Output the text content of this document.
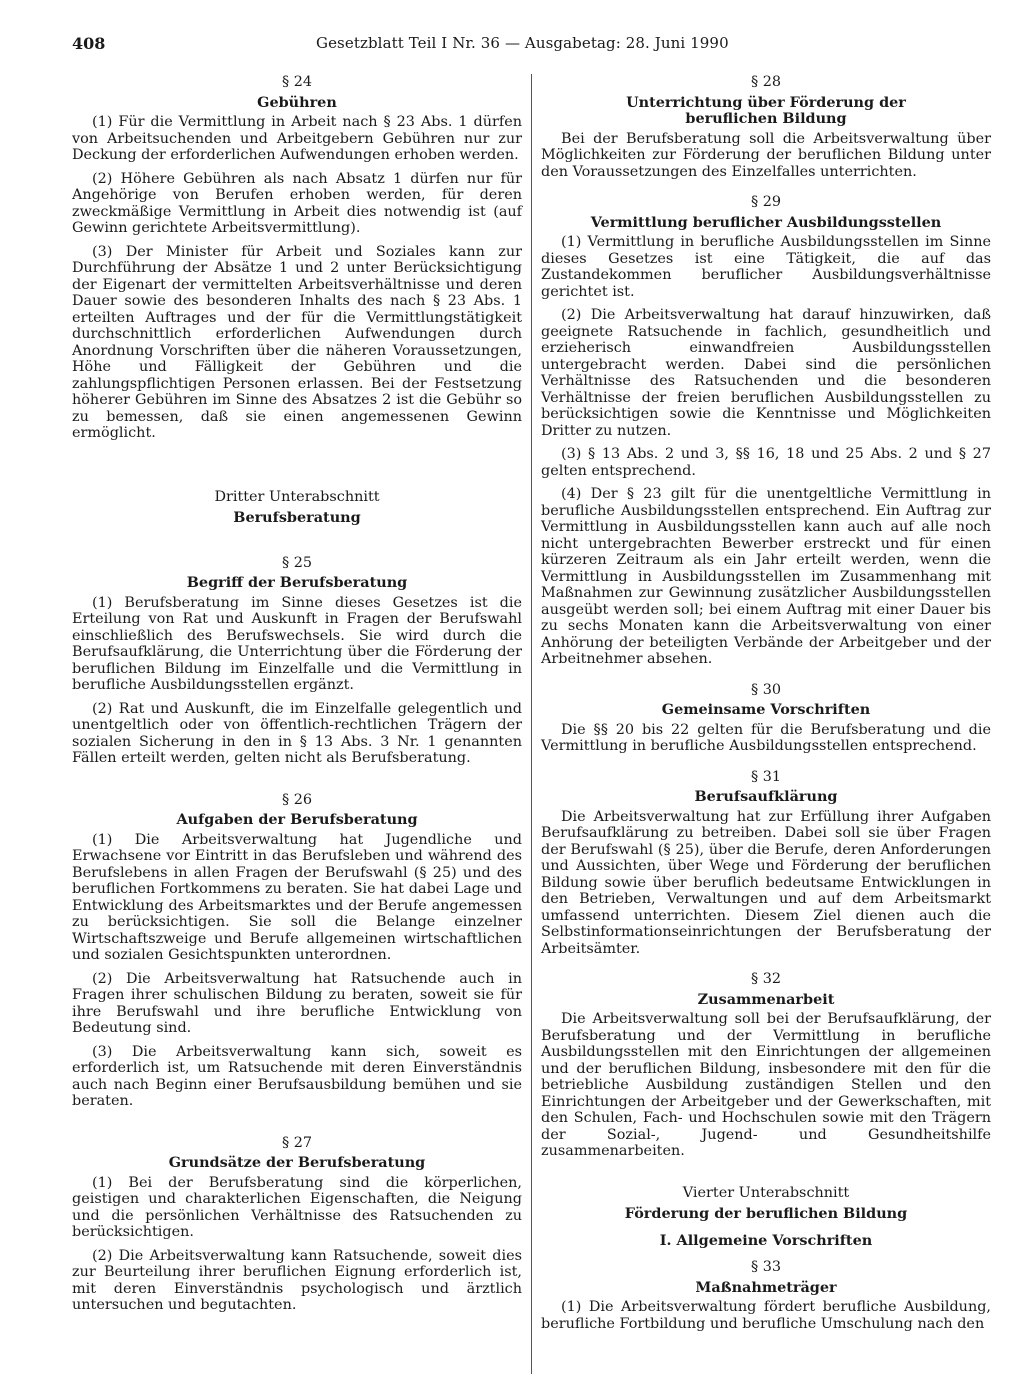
408	Gesetzblatt Teil I Nr. 36 — Ausgabetag: 28. Juni 1990

§ 24

Gebühren

(1) Für die Vermittlung in Arbeit nach § 23 Abs. 1 dürfen von Arbeitsuchenden und Arbeitgebern Gebühren nur zur Deckung der erforderlichen Aufwendungen erhoben werden.

(2) Höhere Gebühren als nach Absatz 1 dürfen nur für Angehörige von Berufen erhoben werden, für deren zweckmäßige Vermittlung in Arbeit dies notwendig ist (auf Gewinn gerichtete Arbeitsvermittlung).

(3) Der Minister für Arbeit und Soziales kann zur Durchführung der Absätze 1 und 2 unter Berücksichtigung der Eigenart der vermittelten Arbeitsverhältnisse und deren Dauer sowie des besonderen Inhalts des nach § 23 Abs. 1 erteilten Auftrages und der für die Vermittlungstätigkeit durchschnittlich erforderlichen Aufwendungen durch Anordnung Vorschriften über die näheren Voraussetzungen, Höhe und Fälligkeit der Gebühren und die zahlungspflichtigen Personen erlassen. Bei der Festsetzung höherer Gebühren im Sinne des Absatzes 2 ist die Gebühr so zu bemessen, daß sie einen angemessenen Gewinn ermöglicht.

Dritter Unterabschnitt

Berufsberatung

§ 25

Begriff der Berufsberatung

(1) Berufsberatung im Sinne dieses Gesetzes ist die Erteilung von Rat und Auskunft in Fragen der Berufswahl einschließlich des Berufswechsels. Sie wird durch die Berufsaufklärung, die Unterrichtung über die Förderung der beruflichen Bildung im Einzelfalle und die Vermittlung in berufliche Ausbildungsstellen ergänzt.

(2) Rat und Auskunft, die im Einzelfalle gelegentlich und unentgeltlich oder von öffentlich-rechtlichen Trägern der sozialen Sicherung in den in § 13 Abs. 3 Nr. 1 genannten Fällen erteilt werden, gelten nicht als Berufsberatung.

§ 26

Aufgaben der Berufsberatung

(1) Die Arbeitsverwaltung hat Jugendliche und Erwachsene vor Eintritt in das Berufsleben und während des Berufslebens in allen Fragen der Berufswahl (§ 25) und des beruflichen Fortkommens zu beraten. Sie hat dabei Lage und Entwicklung des Arbeitsmarktes und der Berufe angemessen zu berücksichtigen. Sie soll die Belange einzelner Wirtschaftszweige und Berufe allgemeinen wirtschaftlichen und sozialen Gesichtspunkten unterordnen.

(2) Die Arbeitsverwaltung hat Ratsuchende auch in Fragen ihrer schulischen Bildung zu beraten, soweit sie für ihre Berufswahl und ihre berufliche Entwicklung von Bedeutung sind.

(3) Die Arbeitsverwaltung kann sich, soweit es erforderlich ist, um Ratsuchende mit deren Einverständnis auch nach Beginn einer Berufsausbildung bemühen und sie beraten.

§ 27

Grundsätze der Berufsberatung

(1) Bei der Berufsberatung sind die körperlichen, geistigen und charakterlichen Eigenschaften, die Neigung und die persönlichen Verhältnisse des Ratsuchenden zu berücksichtigen.

(2) Die Arbeitsverwaltung kann Ratsuchende, soweit dies zur Beurteilung ihrer beruflichen Eignung erforderlich ist, mit deren Einverständnis psychologisch und ärztlich untersuchen und begutachten.

§ 28

Unterrichtung über Förderung der

beruflichen Bildung

Bei der Berufsberatung soll die Arbeitsverwaltung über Möglichkeiten zur Förderung der beruflichen Bildung unter den Voraussetzungen des Einzelfalles unterrichten.

§ 29

Vermittlung beruflicher Ausbildungsstellen

(1) Vermittlung in berufliche Ausbildungsstellen im Sinne dieses Gesetzes ist eine Tätigkeit, die auf das Zustandekommen beruflicher Ausbildungsverhältnisse gerichtet ist.

(2) Die Arbeitsverwaltung hat darauf hinzuwirken, daß geeignete Ratsuchende in fachlich, gesundheitlich und erzieherisch einwandfreien Ausbildungsstellen untergebracht werden. Dabei sind die persönlichen Verhältnisse des Ratsuchenden und die besonderen Verhältnisse der freien beruflichen Ausbildungsstellen zu berücksichtigen sowie die Kenntnisse und Möglichkeiten Dritter zu nutzen.

(3) § 13 Abs. 2 und 3, §§ 16, 18 und 25 Abs. 2 und § 27 gelten entsprechend.

(4) Der § 23 gilt für die unentgeltliche Vermittlung in berufliche Ausbildungsstellen entsprechend. Ein Auftrag zur Vermittlung in Ausbildungsstellen kann auch auf alle noch nicht untergebrachten Bewerber erstreckt und für einen kürzeren Zeitraum als ein Jahr erteilt werden, wenn die Vermittlung in Ausbildungsstellen im Zusammenhang mit Maßnahmen zur Gewinnung zusätzlicher Ausbildungsstellen ausgeübt werden soll; bei einem Auftrag mit einer Dauer bis zu sechs Monaten kann die Arbeitsverwaltung von einer Anhörung der beteiligten Verbände der Arbeitgeber und der Arbeitnehmer absehen.

§ 30

Gemeinsame Vorschriften

Die §§ 20 bis 22 gelten für die Berufsberatung und die Vermittlung in berufliche Ausbildungsstellen entsprechend.

§ 31

Berufsaufklärung

Die Arbeitsverwaltung hat zur Erfüllung ihrer Aufgaben Berufsaufklärung zu betreiben. Dabei soll sie über Fragen der Berufswahl (§ 25), über die Berufe, deren Anforderungen und Aussichten, über Wege und Förderung der beruflichen Bildung sowie über beruflich bedeutsame Entwicklungen in den Betrieben, Verwaltungen und auf dem Arbeitsmarkt umfassend unterrichten. Diesem Ziel dienen auch die Selbstinformationseinrichtungen der Berufsberatung der Arbeitsämter.

§ 32

Zusammenarbeit

Die Arbeitsverwaltung soll bei der Berufsaufklärung, der Berufsberatung und der Vermittlung in berufliche Ausbildungsstellen mit den Einrichtungen der allgemeinen und der beruflichen Bildung, insbesondere mit den für die betriebliche Ausbildung zuständigen Stellen und den Einrichtungen der Arbeitgeber und der Gewerkschaften, mit den Schulen, Fach- und Hochschulen sowie mit den Trägern der Sozial-, Jugend- und Gesundheitshilfe zusammenarbeiten.

Vierter Unterabschnitt

Förderung der beruflichen Bildung

I. Allgemeine Vorschriften

§ 33

Maßnahmeträger

(1) Die Arbeitsverwaltung fördert berufliche Ausbildung, berufliche Fortbildung und berufliche Umschulung nach den
